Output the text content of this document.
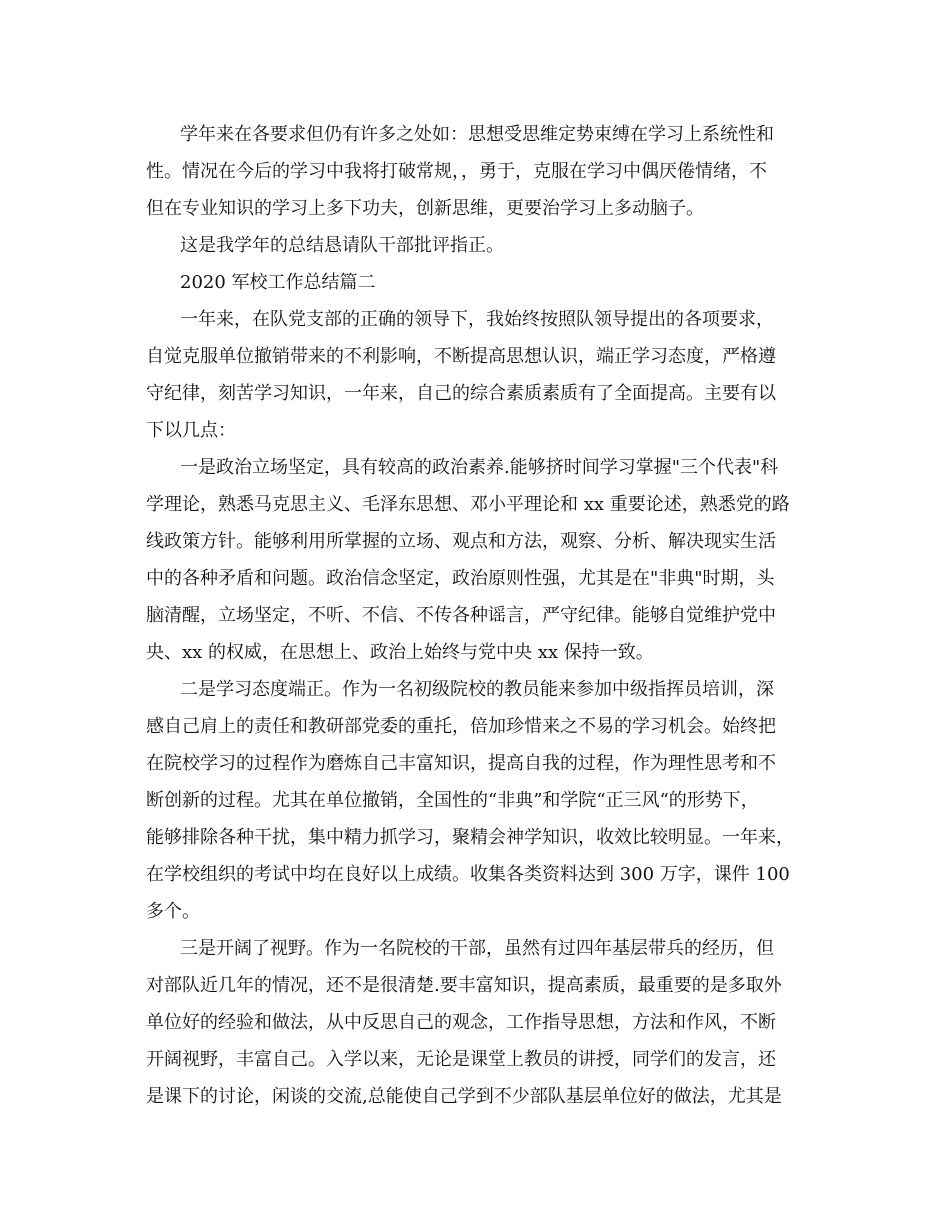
学年来在各要求但仍有许多之处如：思想受思维定势束缚在学习上系统性和
性。情况在今后的学习中我将打破常规，，勇于，克服在学习中偶厌倦情绪，不
但在专业知识的学习上多下功夫，创新思维，更要治学习上多动脑子。
这是我学年的总结恳请队干部批评指正。
2020 军校工作总结篇二
一年来，在队党支部的正确的领导下，我始终按照队领导提出的各项要求，
自觉克服单位撤销带来的不利影响，不断提高思想认识，端正学习态度，严格遵
守纪律，刻苦学习知识，一年来，自己的综合素质素质有了全面提高。主要有以
下以几点：
一是政治立场坚定，具有较高的政治素养.能够挤时间学习掌握"三个代表"科
学理论，熟悉马克思主义、毛泽东思想、邓小平理论和 xx 重要论述，熟悉党的路
线政策方针。能够利用所掌握的立场、观点和方法，观察、分析、解决现实生活
中的各种矛盾和问题。政治信念坚定，政治原则性强，尤其是在"非典"时期，头
脑清醒，立场坚定，不听、不信、不传各种谣言，严守纪律。能够自觉维护党中
央、xx 的权威，在思想上、政治上始终与党中央 xx 保持一致。
二是学习态度端正。作为一名初级院校的教员能来参加中级指挥员培训，深
感自己肩上的责任和教研部党委的重托，倍加珍惜来之不易的学习机会。始终把
在院校学习的过程作为磨炼自己丰富知识，提高自我的过程，作为理性思考和不
断创新的过程。尤其在单位撤销，全国性的“非典”和学院“正三风“的形势下，
能够排除各种干扰，集中精力抓学习，聚精会神学知识，收效比较明显。一年来，
在学校组织的考试中均在良好以上成绩。收集各类资料达到 300 万字，课件 100
多个。
三是开阔了视野。作为一名院校的干部，虽然有过四年基层带兵的经历，但
对部队近几年的情况，还不是很清楚.要丰富知识，提高素质，最重要的是多取外
单位好的经验和做法，从中反思自己的观念，工作指导思想，方法和作风，不断
开阔视野，丰富自己。入学以来，无论是课堂上教员的讲授，同学们的发言，还
是课下的讨论，闲谈的交流,总能使自己学到不少部队基层单位好的做法，尤其是
